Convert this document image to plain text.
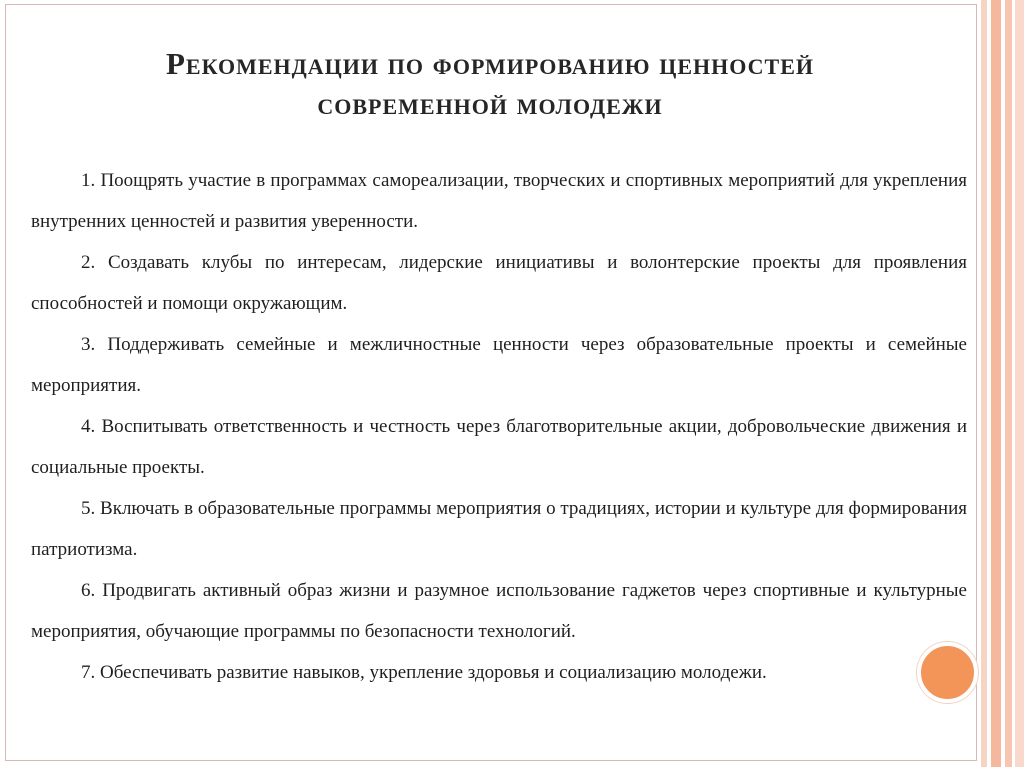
Рекомендации по формированию ценностей
современной молодежи

1. Поощрять участие в программах самореализации, творческих и спортивных мероприятий для укрепления внутренних ценностей и развития уверенности.

2. Создавать клубы по интересам, лидерские инициативы и волонтерские проекты для проявления способностей и помощи окружающим.

3. Поддерживать семейные и межличностные ценности через образовательные проекты и семейные мероприятия.

4. Воспитывать ответственность и честность через благотворительные акции, добровольческие движения и социальные проекты.

5. Включать в образовательные программы мероприятия о традициях, истории и культуре для формирования патриотизма.

6. Продвигать активный образ жизни и разумное использование гаджетов через спортивные и культурные мероприятия, обучающие программы по безопасности технологий.

7. Обеспечивать развитие навыков, укрепление здоровья и социализацию молодежи.
